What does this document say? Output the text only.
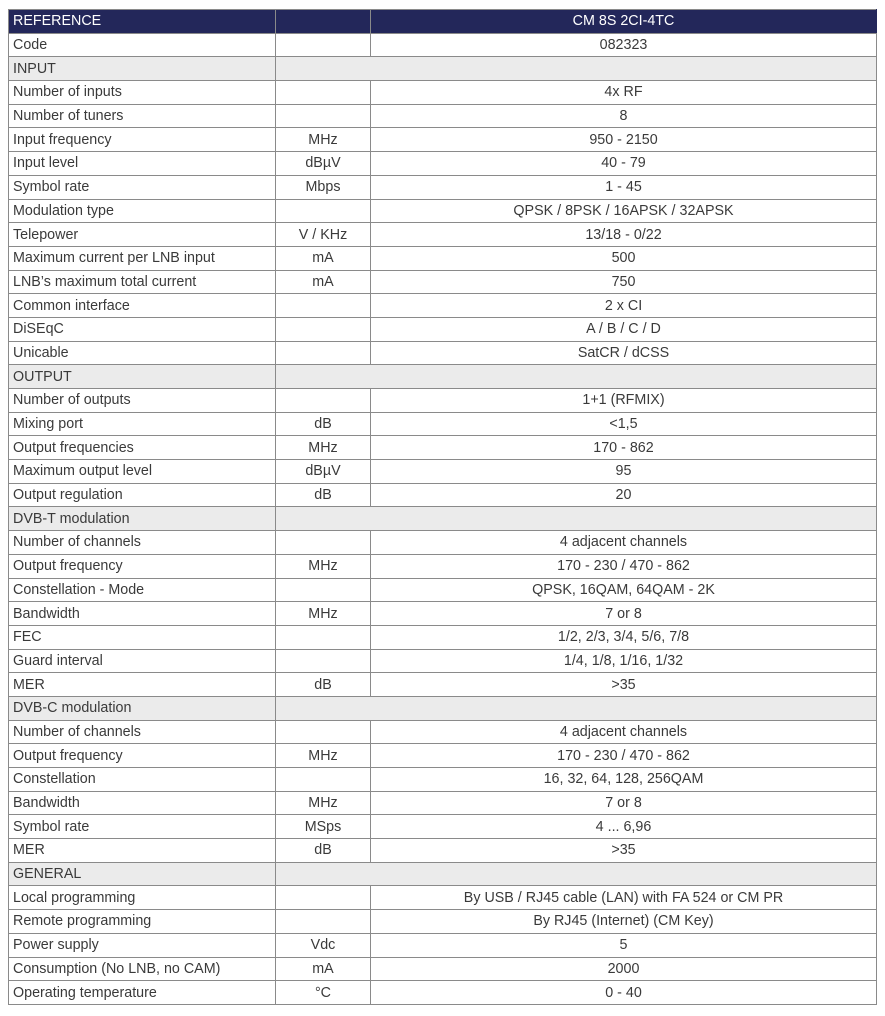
REFERENCE		CM 8S 2CI-4TC
Code		082323
INPUT		
Number of inputs		4x RF
Number of tuners		8
Input frequency	MHz	950 - 2150
Input level	dBµV	40 - 79
Symbol rate	Mbps	1 - 45
Modulation type		QPSK / 8PSK / 16APSK / 32APSK
Telepower	V / KHz	13/18 - 0/22
Maximum current per LNB input	mA	500
LNB’s maximum total current	mA	750
Common interface		2 x CI
DiSEqC		A / B / C / D
Unicable		SatCR / dCSS
OUTPUT		
Number of outputs		1+1 (RFMIX)
Mixing port	dB	<1,5
Output frequencies	MHz	170 - 862
Maximum output level	dBµV	95
Output regulation	dB	20
DVB-T modulation		
Number of channels		4 adjacent channels
Output frequency	MHz	170 - 230 / 470 - 862
Constellation - Mode		QPSK, 16QAM, 64QAM - 2K
Bandwidth	MHz	7 or 8
FEC		1/2, 2/3, 3/4, 5/6, 7/8
Guard interval		1/4, 1/8, 1/16, 1/32
MER	dB	>35
DVB-C modulation		
Number of channels		4 adjacent channels
Output frequency	MHz	170 - 230 / 470 - 862
Constellation		16, 32, 64, 128, 256QAM
Bandwidth	MHz	7 or 8
Symbol rate	MSps	4 ... 6,96
MER	dB	>35
GENERAL		
Local programming		By USB / RJ45 cable (LAN) with FA 524 or CM PR
Remote programming		By RJ45 (Internet) (CM Key)
Power supply	Vdc	5
Consumption (No LNB, no CAM)	mA	2000
Operating temperature	°C	0 - 40
